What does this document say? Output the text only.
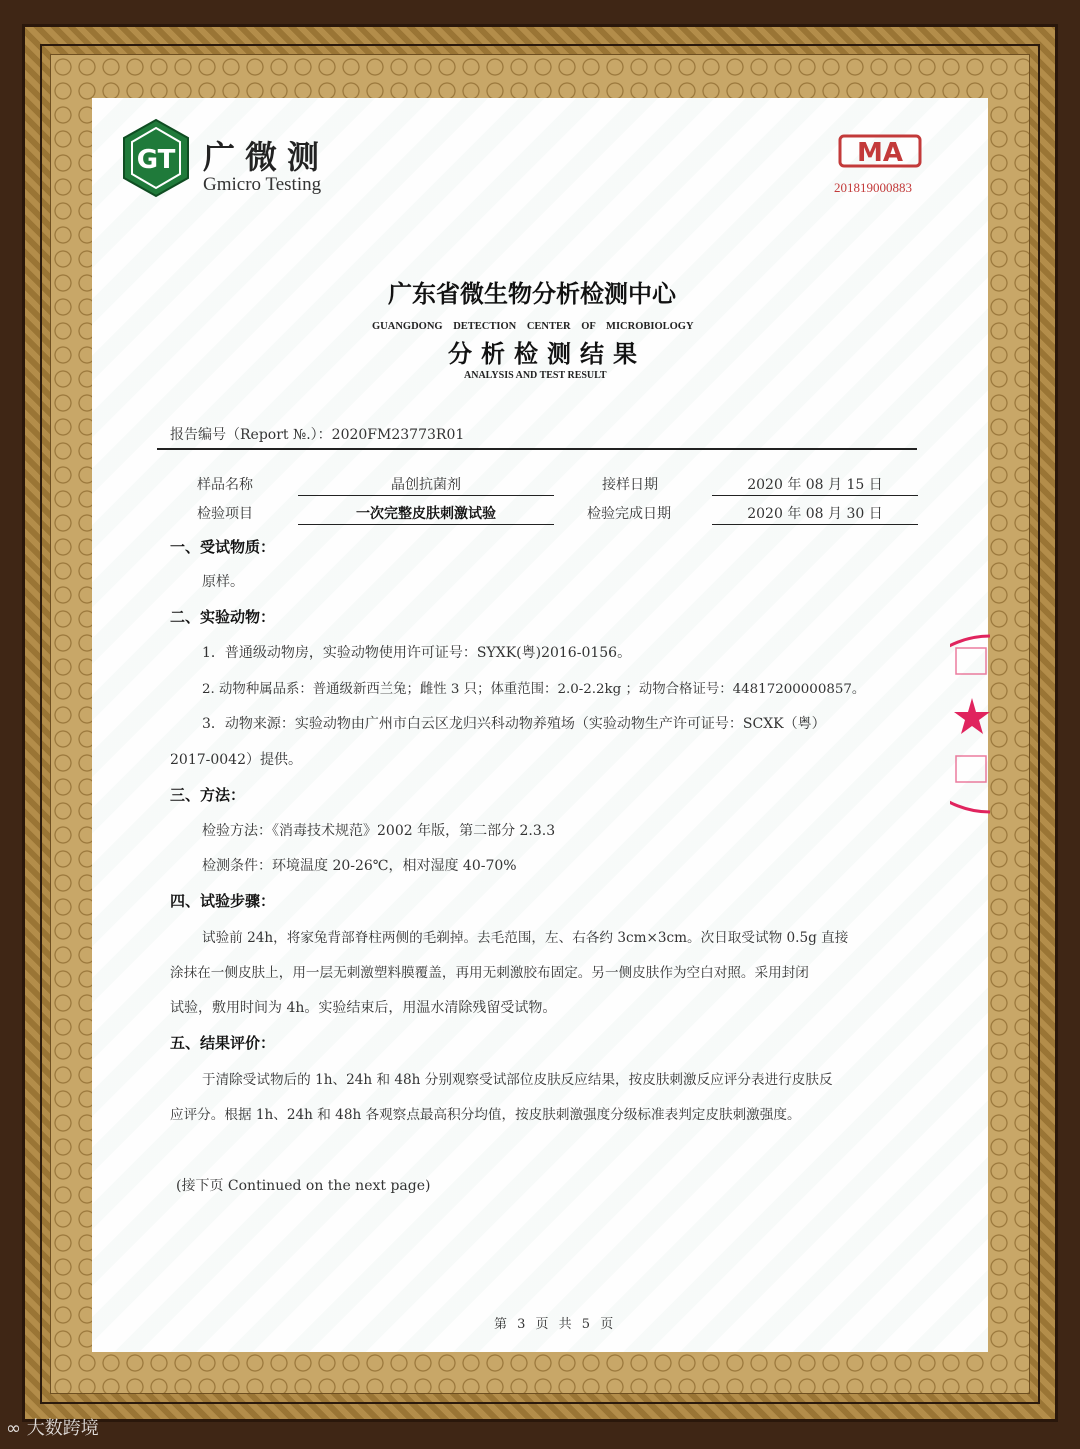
GT 广微测
Gmicro Testing
MA
201819000883
广东省微生物分析检测中心
GUANGDONG DETECTION CENTER OF MICROBIOLOGY
分析检测结果
ANALYSIS AND TEST RESULT
报告编号（Report №.）：2020FM23773R01
样品名称	晶创抗菌剂	接样日期	2020 年 08 月 15 日
检验项目	一次完整皮肤刺激试验	检验完成日期	2020 年 08 月 30 日
一、受试物质：
原样。
二、实验动物：
1．普通级动物房，实验动物使用许可证号：SYXK(粤)2016-0156。
2. 动物种属品系：普通级新西兰兔；雌性 3 只；体重范围：2.0-2.2kg ；动物合格证号：44817200000857。
3．动物来源：实验动物由广州市白云区龙归兴科动物养殖场（实验动物生产许可证号：SCXK（粤）
2017-0042）提供。
三、方法：
检验方法：《消毒技术规范》2002 年版，第二部分 2.3.3
检测条件：环境温度 20-26℃，相对湿度 40-70%
四、试验步骤：
试验前 24h，将家兔背部脊柱两侧的毛剃掉。去毛范围，左、右各约 3cm×3cm。次日取受试物 0.5g 直接
涂抹在一侧皮肤上，用一层无刺激塑料膜覆盖，再用无刺激胶布固定。另一侧皮肤作为空白对照。采用封闭
试验，敷用时间为 4h。实验结束后，用温水清除残留受试物。
五、结果评价：
于清除受试物后的 1h、24h 和 48h 分别观察受试部位皮肤反应结果，按皮肤刺激反应评分表进行皮肤反
应评分。根据 1h、24h 和 48h 各观察点最高积分均值，按皮肤刺激强度分级标准表判定皮肤刺激强度。
(接下页 Continued on the next page)
第 3 页 共 5 页
∞ 大数跨境
